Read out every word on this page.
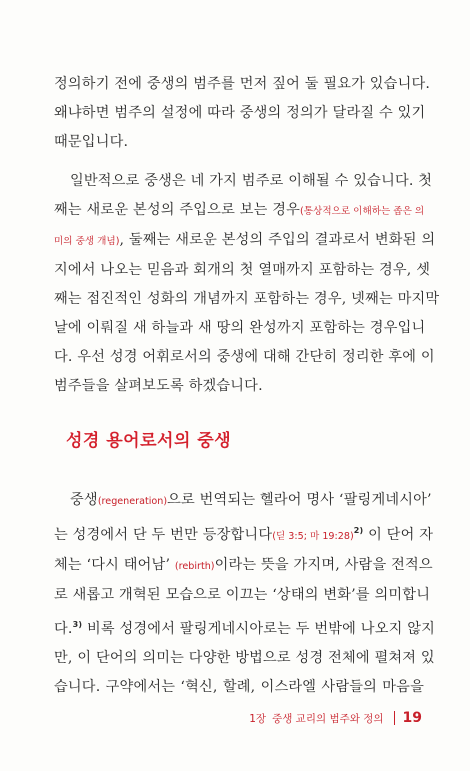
정의하기 전에 중생의 범주를 먼저 짚어 둘 필요가 있습니다.
왜냐하면 범주의 설정에 따라 중생의 정의가 달라질 수 있기
때문입니다.

일반적으로 중생은 네 가지 범주로 이해될 수 있습니다. 첫
째는 새로운 본성의 주입으로 보는 경우(통상적으로 이해하는 좁은 의
미의 중생 개념), 둘째는 새로운 본성의 주입의 결과로서 변화된 의
지에서 나오는 믿음과 회개의 첫 열매까지 포함하는 경우, 셋
째는 점진적인 성화의 개념까지 포함하는 경우, 넷째는 마지막
날에 이뤄질 새 하늘과 새 땅의 완성까지 포함하는 경우입니
다. 우선 성경 어휘로서의 중생에 대해 간단히 정리한 후에 이
범주들을 살펴보도록 하겠습니다.

성경 용어로서의 중생

중생(regeneration)으로 번역되는 헬라어 명사 ‘팔링게네시아’
는 성경에서 단 두 번만 등장합니다(딛 3:5; 마 19:28)$^{2)}$ 이 단어 자
체는 ‘다시 태어남’ (rebirth)이라는 뜻을 가지며, 사람을 전적으
로 새롭고 개혁된 모습으로 이끄는 ‘상태의 변화’를 의미합니
다.$^{3)}$ 비록 성경에서 팔링게네시아로는 두 번밖에 나오지 않지
만, 이 단어의 의미는 다양한 방법으로 성경 전체에 펼쳐져 있
습니다. 구약에서는 ‘혁신, 할례, 이스라엘 사람들의 마음을

1장 중생 교리의 범주와 정의 19
